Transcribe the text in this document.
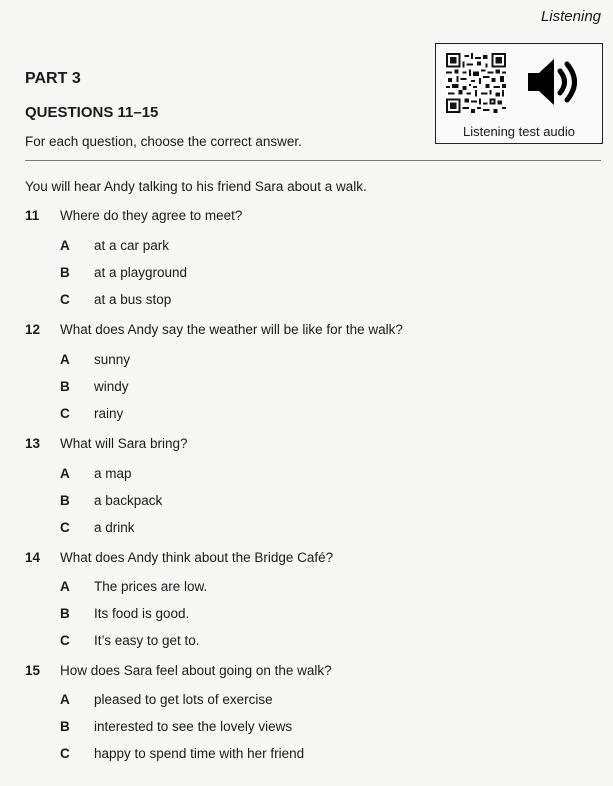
Listening
PART 3
QUESTIONS 11–15
For each question, choose the correct answer.
Listening test audio
You will hear Andy talking to his friend Sara about a walk.
11 Where do they agree to meet?
A at a car park
B at a playground
C at a bus stop
12 What does Andy say the weather will be like for the walk?
A sunny
B windy
C rainy
13 What will Sara bring?
A a map
B a backpack
C a drink
14 What does Andy think about the Bridge Café?
A The prices are low.
B Its food is good.
C It’s easy to get to.
15 How does Sara feel about going on the walk?
A pleased to get lots of exercise
B interested to see the lovely views
C happy to spend time with her friend
